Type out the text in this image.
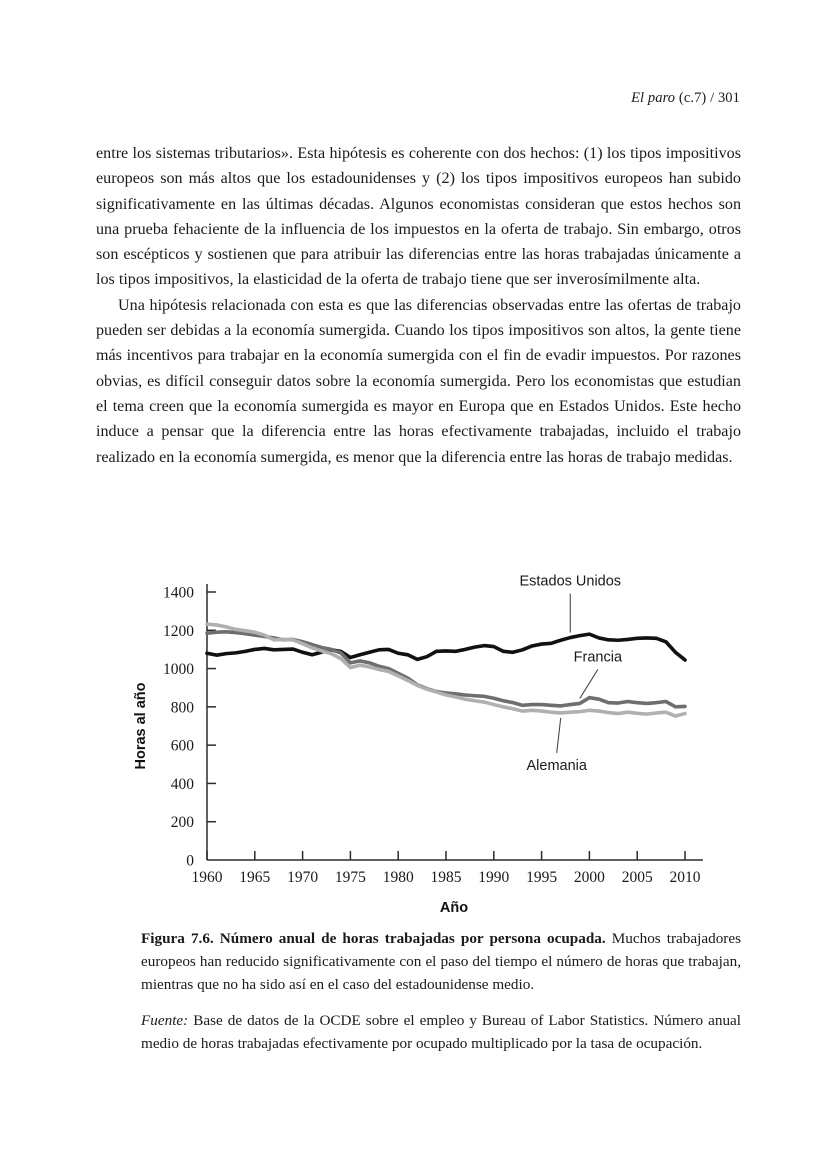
El paro (c.7) / 301

entre los sistemas tributarios». Esta hipótesis es coherente con dos hechos: (1) los tipos impositivos europeos son más altos que los estadounidenses y (2) los tipos impositivos europeos han subido significativamente en las últimas décadas. Algunos economistas consideran que estos hechos son una prueba fehaciente de la influencia de los impuestos en la oferta de trabajo. Sin embargo, otros son escépticos y sostienen que para atribuir las diferencias entre las horas trabajadas únicamente a los tipos impositivos, la elasticidad de la oferta de trabajo tiene que ser inverosímilmente alta.

Una hipótesis relacionada con esta es que las diferencias observadas entre las ofertas de trabajo pueden ser debidas a la economía sumergida. Cuando los tipos impositivos son altos, la gente tiene más incentivos para trabajar en la economía sumergida con el fin de evadir impuestos. Por razones obvias, es difícil conseguir datos sobre la economía sumergida. Pero los economistas que estudian el tema creen que la economía sumergida es mayor en Europa que en Estados Unidos. Este hecho induce a pensar que la diferencia entre las horas efectivamente trabajadas, incluido el trabajo realizado en la economía sumergida, es menor que la diferencia entre las horas de trabajo medidas.

0
200
400
600
800
1000
1200
1400
1960 1965 1970 1975 1980 1985 1990 1995 2000 2005 2010
Año
Horas al año
Estados Unidos
Francia
Alemania

Figura 7.6. Número anual de horas trabajadas por persona ocupada. Muchos trabajadores europeos han reducido significativamente con el paso del tiempo el número de horas que trabajan, mientras que no ha sido así en el caso del estadounidense medio.

Fuente: Base de datos de la OCDE sobre el empleo y Bureau of Labor Statistics. Número anual medio de horas trabajadas efectivamente por ocupado multiplicado por la tasa de ocupación.
